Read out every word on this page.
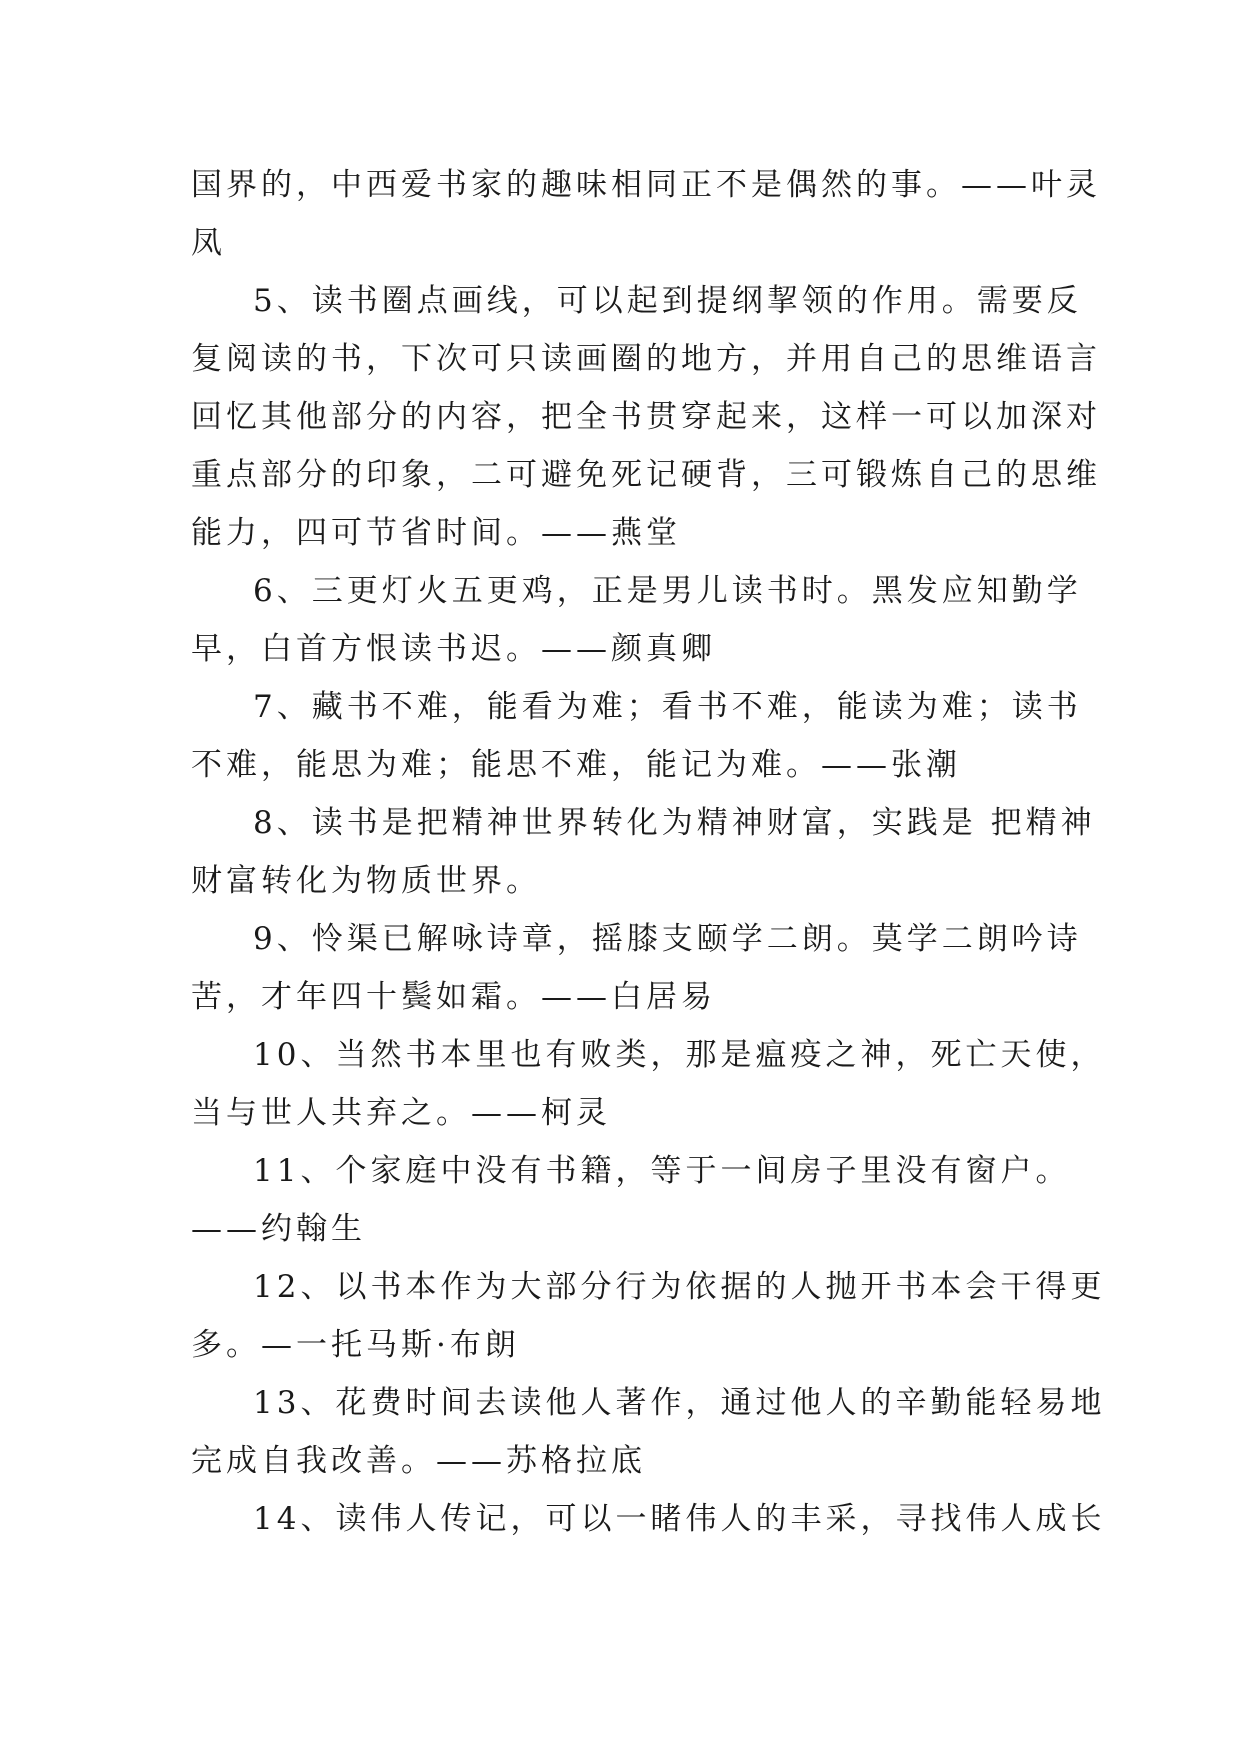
国界的，中西爱书家的趣味相同正不是偶然的事。——叶灵
凤
5、读书圈点画线，可以起到提纲挈领的作用。需要反
复阅读的书，下次可只读画圈的地方，并用自己的思维语言
回忆其他部分的内容，把全书贯穿起来，这样一可以加深对
重点部分的印象，二可避免死记硬背，三可锻炼自己的思维
能力，四可节省时间。——燕堂
6、三更灯火五更鸡，正是男儿读书时。黑发应知勤学
早，白首方恨读书迟。——颜真卿
7、藏书不难，能看为难；看书不难，能读为难；读书
不难，能思为难；能思不难，能记为难。——张潮
8、读书是把精神世界转化为精神财富，实践是 把精神
财富转化为物质世界。
9、怜渠已解咏诗章，摇膝支颐学二朗。莫学二朗吟诗
苦，才年四十鬓如霜。——白居易
10、当然书本里也有败类，那是瘟疫之神，死亡天使，
当与世人共弃之。——柯灵
11、个家庭中没有书籍，等于一间房子里没有窗户。
——约翰生
12、以书本作为大部分行为依据的人抛开书本会干得更
多。—一托马斯·布朗
13、花费时间去读他人著作，通过他人的辛勤能轻易地
完成自我改善。——苏格拉底
14、读伟人传记，可以一睹伟人的丰采，寻找伟人成长
